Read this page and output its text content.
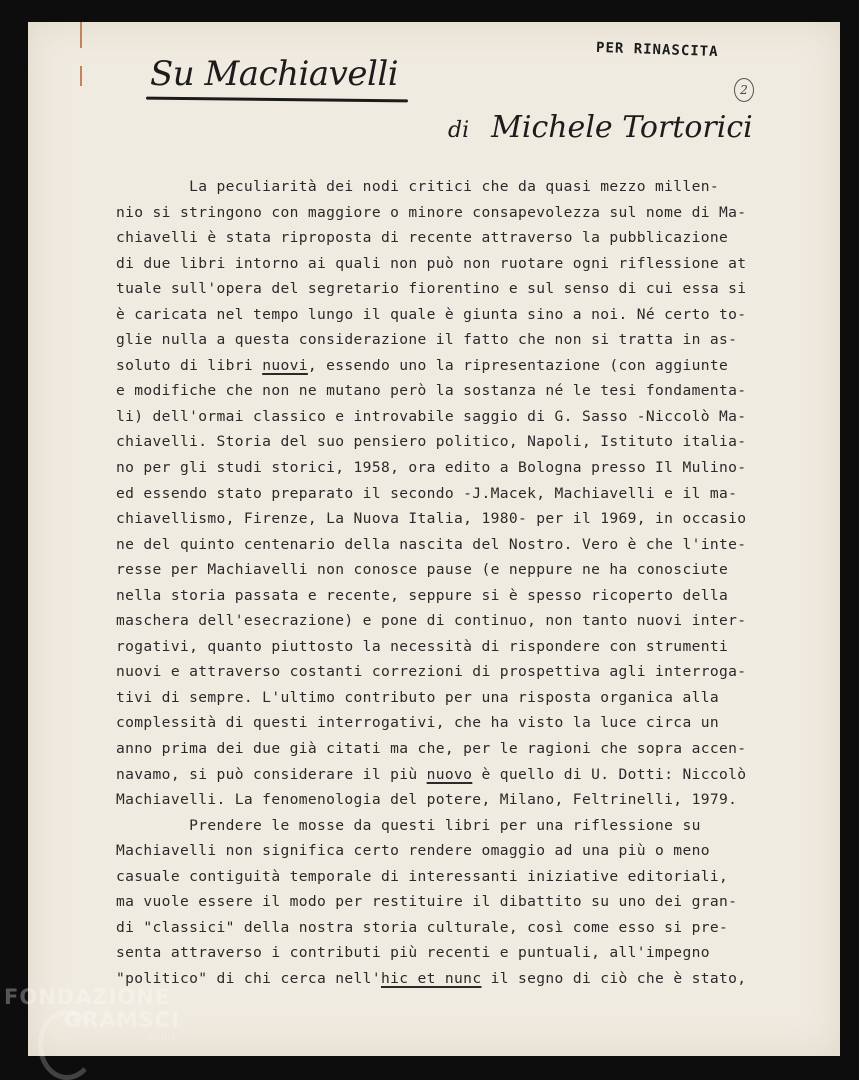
Su Machiavelli
PER RINASCITA
2
di Michele Tortorici
La peculiarità dei nodi critici che da quasi mezzo millen-
nio si stringono con maggiore o minore consapevolezza sul nome di Ma-
chiavelli è stata riproposta di recente attraverso la pubblicazione
di due libri intorno ai quali non può non ruotare ogni riflessione at
tuale sull'opera del segretario fiorentino e sul senso di cui essa si
è caricata nel tempo lungo il quale è giunta sino a noi. Né certo to-
glie nulla a questa considerazione il fatto che non si tratta in as-
soluto di libri nuovi, essendo uno la ripresentazione (con aggiunte
e modifiche che non ne mutano però la sostanza né le tesi fondamenta-
li) dell'ormai classico e introvabile saggio di G. Sasso -Niccolò Ma-
chiavelli. Storia del suo pensiero politico, Napoli, Istituto italia-
no per gli studi storici, 1958, ora edito a Bologna presso Il Mulino-
ed essendo stato preparato il secondo -J.Macek, Machiavelli e il ma-
chiavellismo, Firenze, La Nuova Italia, 1980- per il 1969, in occasio
ne del quinto centenario della nascita del Nostro. Vero è che l'inte-
resse per Machiavelli non conosce pause (e neppure ne ha conosciute
nella storia passata e recente, seppure si è spesso ricoperto della
maschera dell'esecrazione) e pone di continuo, non tanto nuovi inter-
rogativi, quanto piuttosto la necessità di rispondere con strumenti
nuovi e attraverso costanti correzioni di prospettiva agli interroga-
tivi di sempre. L'ultimo contributo per una risposta organica alla
complessità di questi interrogativi, che ha visto la luce circa un
anno prima dei due già citati ma che, per le ragioni che sopra accen-
navamo, si può considerare il più nuovo è quello di U. Dotti: Niccolò
Machiavelli. La fenomenologia del potere, Milano, Feltrinelli, 1979.
Prendere le mosse da questi libri per una riflessione su
Machiavelli non significa certo rendere omaggio ad una più o meno
casuale contiguità temporale di interessanti iniziative editoriali,
ma vuole essere il modo per restituire il dibattito su uno dei gran-
di "classici" della nostra storia culturale, così come esso si pre-
senta attraverso i contributi più recenti e puntuali, all'impegno
"politico" di chi cerca nell'hic et nunc il segno di ciò che è stato,
FONDAZIONE
GRAMSCI
onlus
